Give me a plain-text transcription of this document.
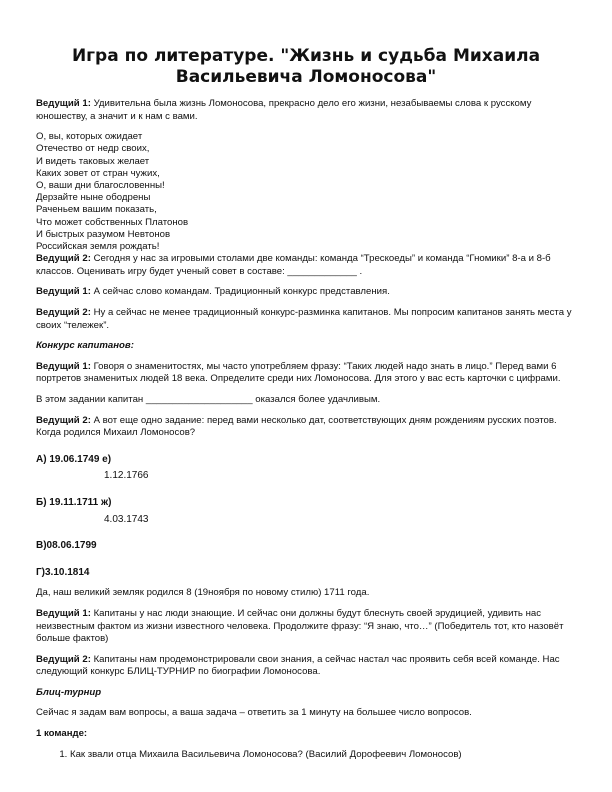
Игра по литературе. "Жизнь и судьба Михаила
Васильевича Ломоносова"

Ведущий 1: Удивительна была жизнь Ломоносова, прекрасно дело его жизни, незабываемы слова к русскому юношеству, а значит и к нам с вами.

О, вы, которых ожидает
Отечество от недр своих,
И видеть таковых желает
Каких зовет от стран чужих,
О, ваши дни благословенны!
Дерзайте ныне ободрены
Раченьем вашим показать,
Что может собственных Платонов
И быстрых разумом Невтонов
Российская земля рождать!

Ведущий 2: Сегодня у нас за игровыми столами две команды: команда “Трескоеды” и команда “Гномики” 8-а и 8-б классов. Оценивать игру будет ученый совет в составе: _____________ .

Ведущий 1: А сейчас слово командам. Традиционный конкурс представления.

Ведущий 2: Ну а сейчас не менее традиционный конкурс-разминка капитанов. Мы попросим капитанов занять места у своих “тележек”.

Конкурс капитанов:

Ведущий 1: Говоря о знаменитостях, мы часто употребляем фразу: “Таких людей надо знать в лицо.” Перед вами 6 портретов знаменитых людей 18 века. Определите среди них Ломоносова. Для этого у вас есть карточки с цифрами.

В этом задании капитан ____________________ оказался более удачливым.

Ведущий 2: А вот еще одно задание: перед вами несколько дат, соответствующих дням рождениям русских поэтов. Когда родился Михаил Ломоносов?

А) 19.06.1749 е)
1.12.1766
Б) 19.11.1711 ж)
4.03.1743
В)08.06.1799
Г)3.10.1814

Да, наш великий земляк родился 8 (19ноября по новому стилю) 1711 года.

Ведущий 1: Капитаны у нас люди знающие. И сейчас они должны будут блеснуть своей эрудицией, удивить нас неизвестным фактом из жизни известного человека. Продолжите фразу: “Я знаю, что…” (Победитель тот, кто назовёт больше фактов)

Ведущий 2: Капитаны нам продемонстрировали свои знания, а сейчас настал час проявить себя всей команде. Нас следующий конкурс БЛИЦ-ТУРНИР по биографии Ломоносова.

Блиц-турнир

Сейчас я задам вам вопросы, а ваша задача – ответить за 1 минуту на большее число вопросов.

1 команде:

1. Как звали отца Михаила Васильевича Ломоносова? (Василий Дорофеевич Ломоносов)
